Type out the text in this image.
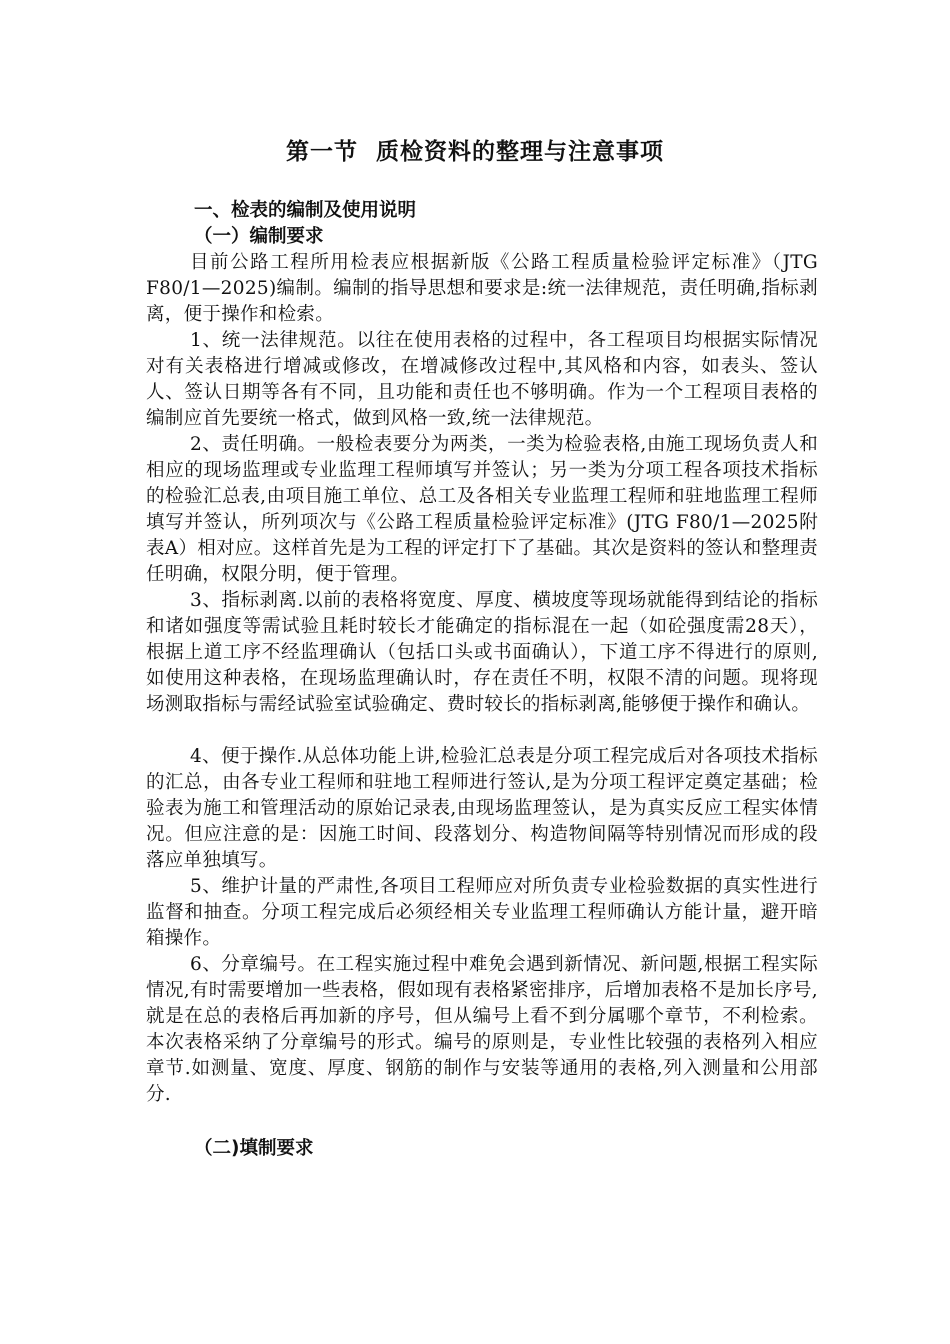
第一节  质检资料的整理与注意事项
一、检表的编制及使用说明
（一）编制要求

目前公路工程所用检表应根据新版《公路工程质量检验评定标准》（JTG F80/1—2025)编制。编制的指导思想和要求是:统一法律规范，责任明确,指标剥离，便于操作和检索。

1、统一法律规范。以往在使用表格的过程中，各工程项目均根据实际情况对有关表格进行增减或修改，在增减修改过程中,其风格和内容，如表头、签认人、签认日期等各有不同，且功能和责任也不够明确。作为一个工程项目表格的编制应首先要统一格式，做到风格一致,统一法律规范。

2、责任明确。一般检表要分为两类，一类为检验表格,由施工现场负责人和相应的现场监理或专业监理工程师填写并签认；另一类为分项工程各项技术指标的检验汇总表,由项目施工单位、总工及各相关专业监理工程师和驻地监理工程师填写并签认，所列项次与《公路工程质量检验评定标准》(JTG F80/1—2025附表A）相对应。这样首先是为工程的评定打下了基础。其次是资料的签认和整理责任明确，权限分明，便于管理。

3、指标剥离.以前的表格将宽度、厚度、横坡度等现场就能得到结论的指标和诸如强度等需试验且耗时较长才能确定的指标混在一起（如砼强度需28天），根据上道工序不经监理确认（包括口头或书面确认），下道工序不得进行的原则,如使用这种表格，在现场监理确认时，存在责任不明，权限不清的问题。现将现场测取指标与需经试验室试验确定、费时较长的指标剥离,能够便于操作和确认。

4、便于操作.从总体功能上讲,检验汇总表是分项工程完成后对各项技术指标的汇总，由各专业工程师和驻地工程师进行签认,是为分项工程评定奠定基础；检验表为施工和管理活动的原始记录表,由现场监理签认，是为真实反应工程实体情况。但应注意的是：因施工时间、段落划分、构造物间隔等特别情况而形成的段落应单独填写。

5、维护计量的严肃性,各项目工程师应对所负责专业检验数据的真实性进行监督和抽查。分项工程完成后必须经相关专业监理工程师确认方能计量，避开暗箱操作。

6、分章编号。在工程实施过程中难免会遇到新情况、新问题,根据工程实际情况,有时需要增加一些表格，假如现有表格紧密排序，后增加表格不是加长序号,就是在总的表格后再加新的序号，但从编号上看不到分属哪个章节，不利检索。本次表格采纳了分章编号的形式。编号的原则是，专业性比较强的表格列入相应章节.如测量、宽度、厚度、钢筋的制作与安装等通用的表格,列入测量和公用部分.

（二)填制要求
